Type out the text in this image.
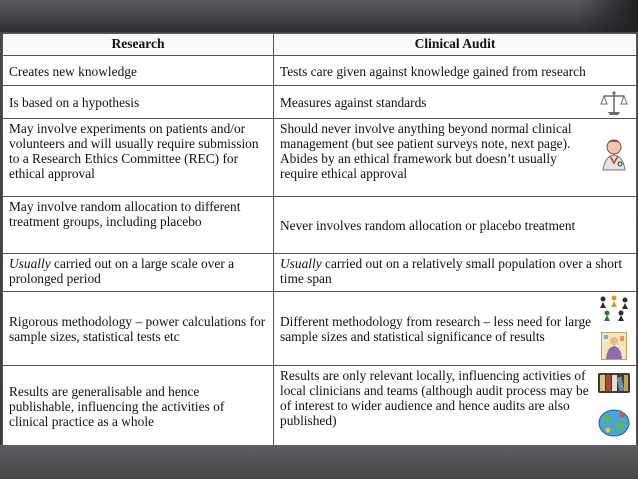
Research	Clinical Audit
Creates new knowledge	Tests care given against knowledge gained from research
Is based on a hypothesis	Measures against standards

May involve experiments on patients and/or volunteers and will usually require submission to a Research Ethics Committee (REC) for ethical approval	Should never involve anything beyond normal clinical management (but see patient surveys note, next page). Abides by an ethical framework but doesn’t usually require ethical approval

May involve random allocation to different treatment groups, including placebo	Never involves random allocation or placebo treatment
Usually carried out on a large scale over a prolonged period	Usually carried out on a relatively small population over a short time span
Rigorous methodology – power calculations for sample sizes, statistical tests etc	Different methodology from research – less need for large sample sizes and statistical significance of results

Results are generalisable and hence publishable, influencing the activities of clinical practice as a whole	Results are only relevant locally, influencing activities of local clinicians and teams (although audit process may be of interest to wider audience and hence audits are also published)
